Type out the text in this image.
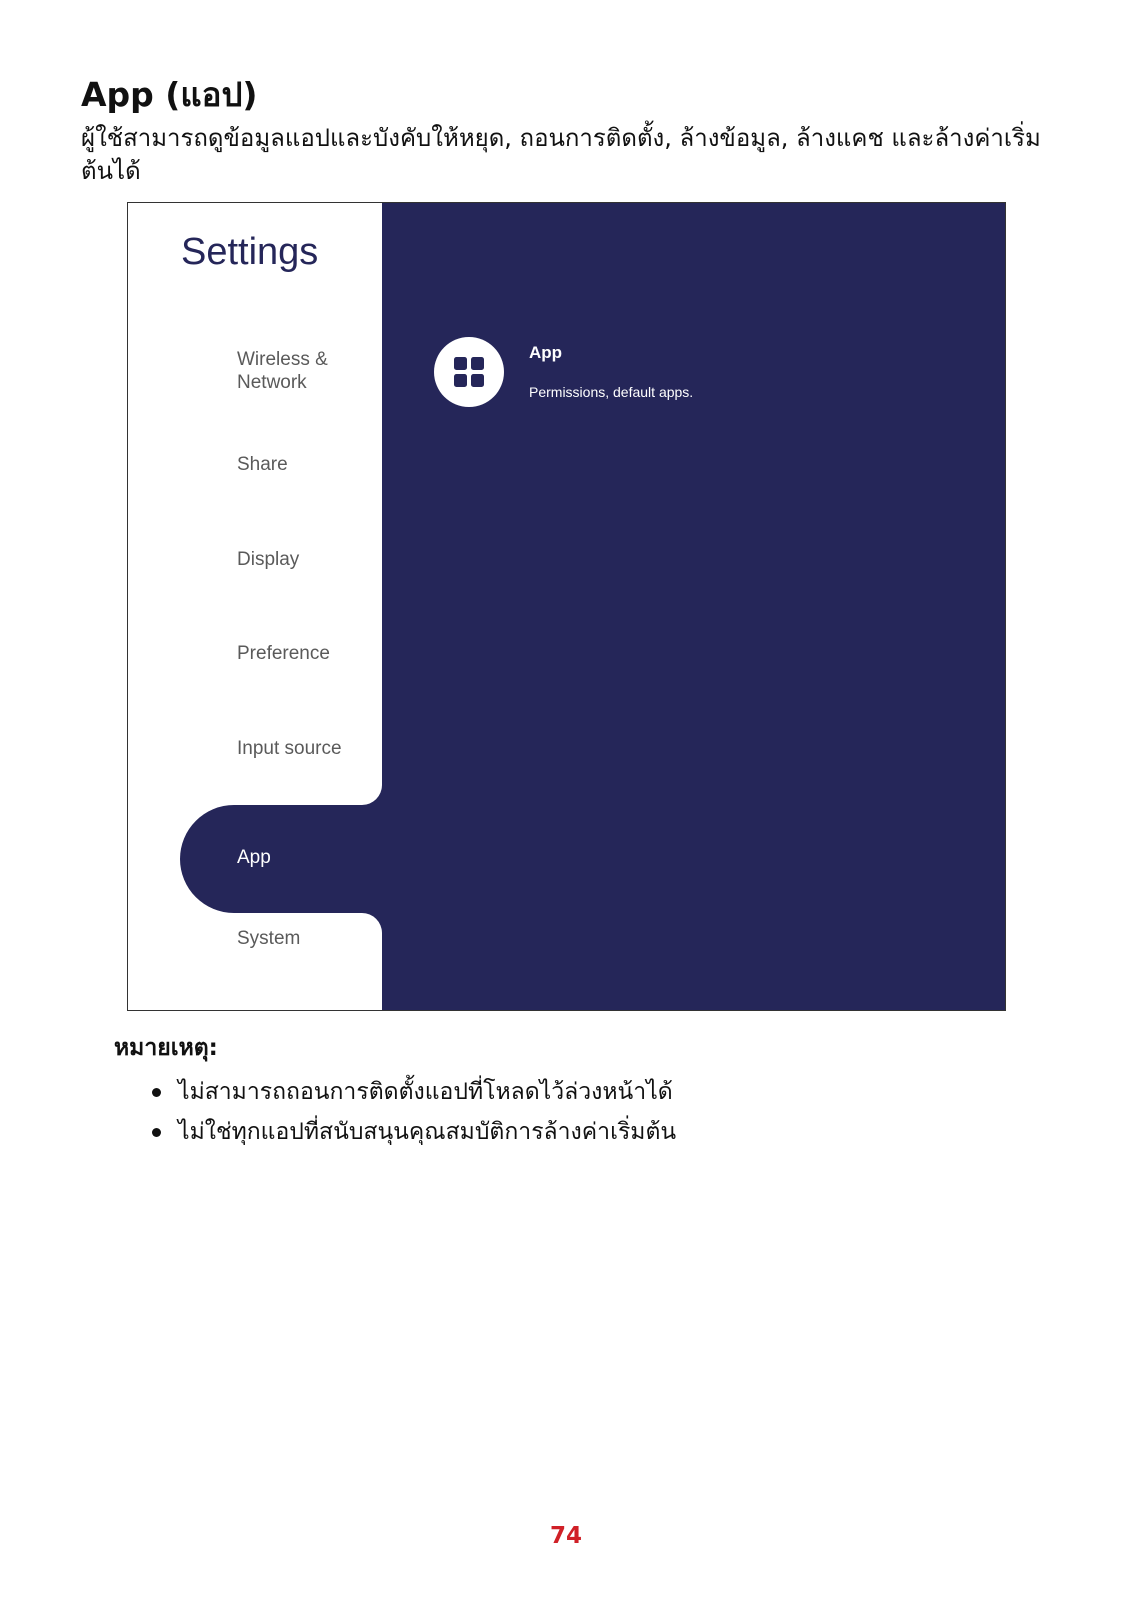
App (แอป)

ผู้ใช้สามารถดูข้อมูลแอปและบังคับให้หยุด, ถอนการติดตั้ง, ล้างข้อมูล, ล้างแคช และล้างค่าเริ่มต้นได้

Settings
Wireless &
Network
Share
Display
Preference
Input source
System
App
App
Permissions, default apps.
หมายเหตุ:
ไม่สามารถถอนการติดตั้งแอปที่โหลดไว้ล่วงหน้าได้
ไม่ใช่ทุกแอปที่สนับสนุนคุณสมบัติการล้างค่าเริ่มต้น
74
